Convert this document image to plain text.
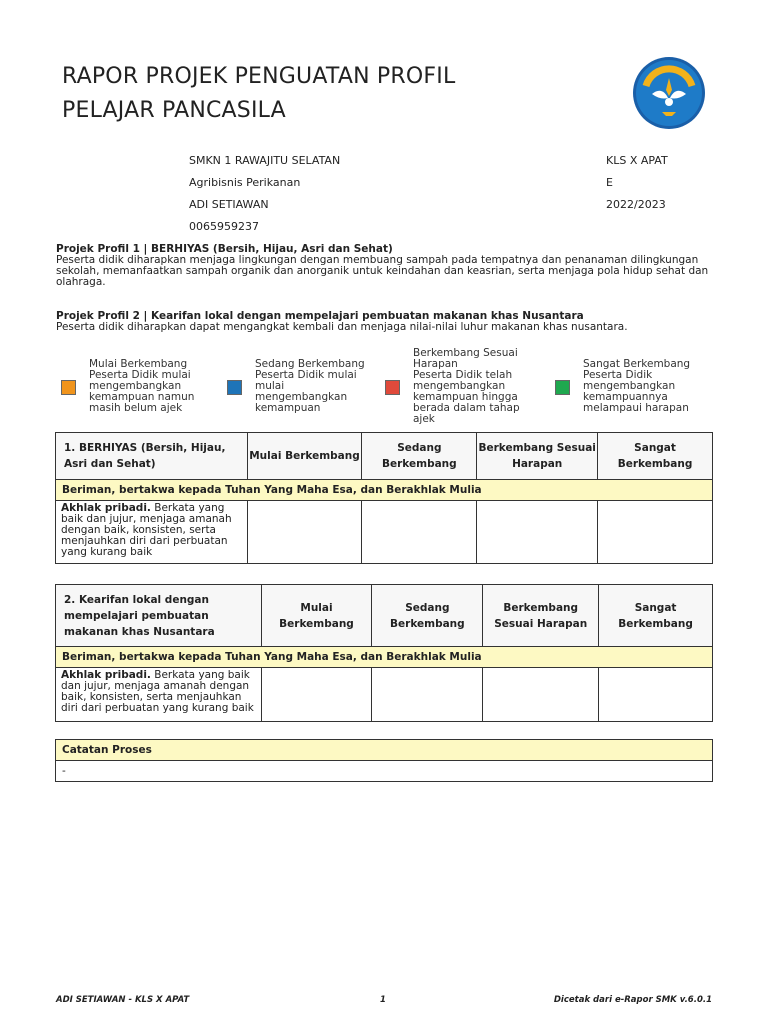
RAPOR PROJEK PENGUATAN PROFIL
PELAJAR PANCASILA
SMKN 1 RAWAJITU SELATAN
Agribisnis Perikanan
ADI SETIAWAN
0065959237
KLS X APAT
E
2022/2023
Projek Profil 1 | BERHIYAS (Bersih, Hijau, Asri dan Sehat)
Peserta didik diharapkan menjaga lingkungan dengan membuang sampah pada tempatnya dan penanaman dilingkungan sekolah, memanfaatkan sampah organik dan anorganik untuk keindahan dan keasrian, serta menjaga pola hidup sehat dan olahraga.
Projek Profil 2 | Kearifan lokal dengan mempelajari pembuatan makanan khas Nusantara
Peserta didik diharapkan dapat mengangkat kembali dan menjaga nilai-nilai luhur makanan khas nusantara.
Mulai Berkembang
Peserta Didik mulai mengembangkan kemampuan namun masih belum ajek
Sedang Berkembang
Peserta Didik mulai mulai mengembangkan kemampuan
Berkembang Sesuai Harapan
Peserta Didik telah mengembangkan kemampuan hingga berada dalam tahap ajek
Sangat Berkembang
Peserta Didik mengembangkan kemampuannya melampaui harapan
1. BERHIYAS (Bersih, Hijau, Asri dan Sehat)	Mulai Berkembang	Sedang Berkembang	Berkembang Sesuai Harapan	Sangat Berkembang
Beriman, bertakwa kepada Tuhan Yang Maha Esa, dan Berakhlak Mulia				
Akhlak pribadi. Berkata yang baik dan jujur, menjaga amanah dengan baik, konsisten, serta menjauhkan diri dari perbuatan yang kurang baik				
2. Kearifan lokal dengan mempelajari pembuatan makanan khas Nusantara	Mulai Berkembang	Sedang Berkembang	Berkembang Sesuai Harapan	Sangat Berkembang
Beriman, bertakwa kepada Tuhan Yang Maha Esa, dan Berakhlak Mulia				
Akhlak pribadi. Berkata yang baik dan jujur, menjaga amanah dengan baik, konsisten, serta menjauhkan diri dari perbuatan yang kurang baik				
Catatan Proses
-
ADI SETIAWAN - KLS X APAT	1	Dicetak dari e-Rapor SMK v.6.0.1
